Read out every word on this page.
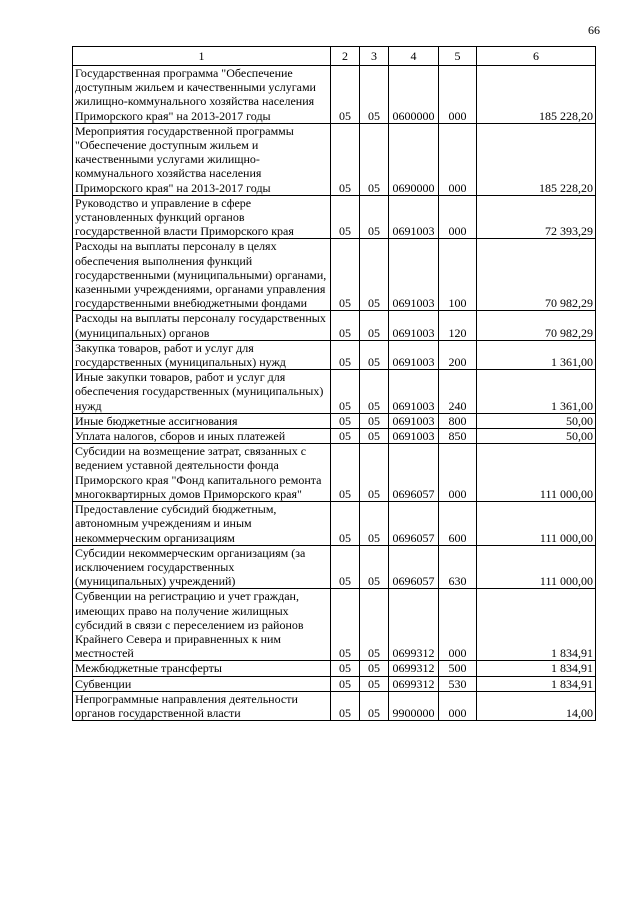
66
1	2	3	4	5	6
Государственная программа "Обеспечение доступным жильем и качественными услугами жилищно-коммунального хозяйства населения Приморского края" на 2013-2017 годы	05	05	0600000	000	185 228,20
Мероприятия государственной программы "Обеспечение доступным жильем и качественными услугами жилищно-коммунального хозяйства населения Приморского края" на 2013-2017 годы	05	05	0690000	000	185 228,20
Руководство и управление в сфере установленных функций органов государственной власти Приморского края	05	05	0691003	000	72 393,29
Расходы на выплаты персоналу в целях обеспечения выполнения функций государственными (муниципальными) органами, казенными учреждениями, органами управления государственными внебюджетными фондами	05	05	0691003	100	70 982,29
Расходы на выплаты персоналу государственных (муниципальных) органов	05	05	0691003	120	70 982,29
Закупка товаров, работ и услуг для государственных (муниципальных) нужд	05	05	0691003	200	1 361,00
Иные закупки товаров, работ и услуг для обеспечения государственных (муниципальных) нужд	05	05	0691003	240	1 361,00
Иные бюджетные ассигнования	05	05	0691003	800	50,00
Уплата налогов, сборов и иных платежей	05	05	0691003	850	50,00
Субсидии на возмещение затрат, связанных с ведением уставной деятельности фонда Приморского края "Фонд капитального ремонта многоквартирных домов Приморского края"	05	05	0696057	000	111 000,00
Предоставление субсидий бюджетным, автономным учреждениям и иным некоммерческим организациям	05	05	0696057	600	111 000,00
Субсидии некоммерческим организациям (за исключением государственных (муниципальных) учреждений)	05	05	0696057	630	111 000,00
Субвенции на регистрацию и учет граждан, имеющих право на получение жилищных субсидий в связи с переселением из районов Крайнего Севера и приравненных к ним местностей	05	05	0699312	000	1 834,91
Межбюджетные трансферты	05	05	0699312	500	1 834,91
Субвенции	05	05	0699312	530	1 834,91
Непрограммные направления деятельности органов государственной власти	05	05	9900000	000	14,00
